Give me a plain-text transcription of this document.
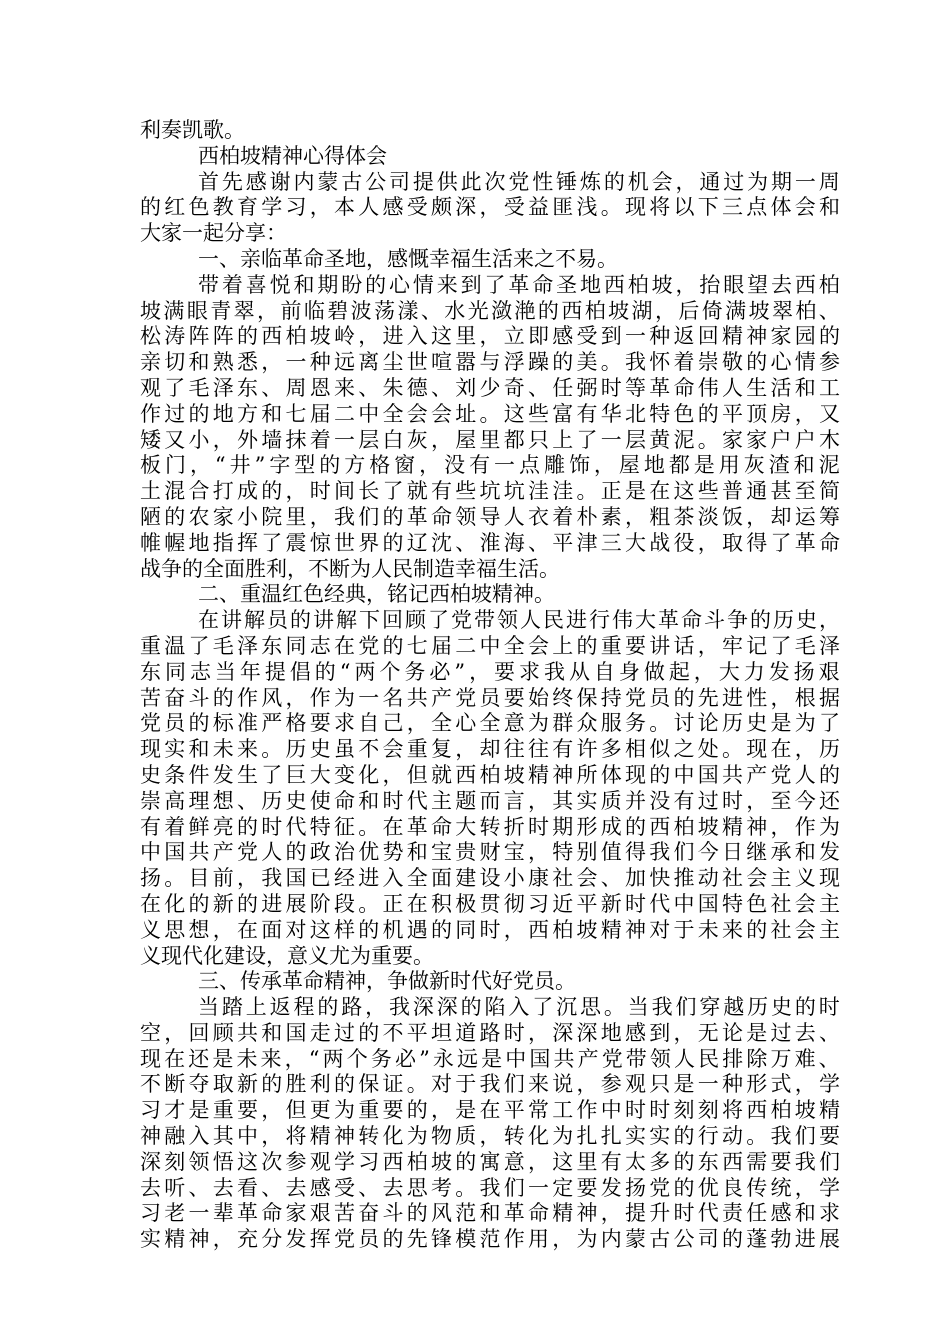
利奏凯歌。
西柏坡精神心得体会
首 先 感 谢 内 蒙 古 公 司 提 供 此 次 党 性 锤 炼 的 机 会 ， 通 过 为 期 一 周
的 红 色 教 育 学 习 ， 本 人 感 受 颇 深 ， 受 益 匪 浅 。 现 将 以 下 三 点 体 会 和
大家一起分享：
一、亲临革命圣地，感慨幸福生活来之不易。
带 着 喜 悦 和 期 盼 的 心 情 来 到 了 革 命 圣 地 西 柏 坡 ， 抬 眼 望 去 西 柏
坡 满 眼 青 翠 ， 前 临 碧 波 荡 漾 、 水 光 潋 滟 的 西 柏 坡 湖 ， 后 倚 满 坡 翠 柏 、
松 涛 阵 阵 的 西 柏 坡 岭 ， 进 入 这 里 ， 立 即 感 受 到 一 种 返 回 精 神 家 园 的
亲 切 和 熟 悉 ， 一 种 远 离 尘 世 喧 嚣 与 浮 躁 的 美 。 我 怀 着 崇 敬 的 心 情 参
观 了 毛 泽 东 、 周 恩 来 、 朱 德 、 刘 少 奇 、 任 弼 时 等 革 命 伟 人 生 活 和 工
作 过 的 地 方 和 七 届 二 中 全 会 会 址 。 这 些 富 有 华 北 特 色 的 平 顶 房 ， 又
矮 又 小 ， 外 墙 抹 着 一 层 白 灰 ， 屋 里 都 只 上 了 一 层 黄 泥 。 家 家 户 户 木
板 门 ， “ 井 ” 字 型 的 方 格 窗 ， 没 有 一 点 雕 饰 ， 屋 地 都 是 用 灰 渣 和 泥
土 混 合 打 成 的 ， 时 间 长 了 就 有 些 坑 坑 洼 洼 。 正 是 在 这 些 普 通 甚 至 简
陋 的 农 家 小 院 里 ， 我 们 的 革 命 领 导 人 衣 着 朴 素 ， 粗 茶 淡 饭 ， 却 运 筹
帷 幄 地 指 挥 了 震 惊 世 界 的 辽 沈 、 淮 海 、 平 津 三 大 战 役 ， 取 得 了 革 命
战争的全面胜利，不断为人民制造幸福生活。
二、重温红色经典，铭记西柏坡精神。
在 讲 解 员 的 讲 解 下 回 顾 了 党 带 领 人 民 进 行 伟 大 革 命 斗 争 的 历 史 ，
重 温 了 毛 泽 东 同 志 在 党 的 七 届 二 中 全 会 上 的 重 要 讲 话 ， 牢 记 了 毛 泽
东 同 志 当 年 提 倡 的 “ 两 个 务 必 ” ， 要 求 我 从 自 身 做 起 ， 大 力 发 扬 艰
苦 奋 斗 的 作 风 ， 作 为 一 名 共 产 党 员 要 始 终 保 持 党 员 的 先 进 性 ， 根 据
党 员 的 标 准 严 格 要 求 自 己 ， 全 心 全 意 为 群 众 服 务 。 讨 论 历 史 是 为 了
现 实 和 未 来 。 历 史 虽 不 会 重 复 ， 却 往 往 有 许 多 相 似 之 处 。 现 在 ， 历
史 条 件 发 生 了 巨 大 变 化 ， 但 就 西 柏 坡 精 神 所 体 现 的 中 国 共 产 党 人 的
崇 高 理 想 、 历 史 使 命 和 时 代 主 题 而 言 ， 其 实 质 并 没 有 过 时 ， 至 今 还
有 着 鲜 亮 的 时 代 特 征 。 在 革 命 大 转 折 时 期 形 成 的 西 柏 坡 精 神 ， 作 为
中 国 共 产 党 人 的 政 治 优 势 和 宝 贵 财 宝 ， 特 别 值 得 我 们 今 日 继 承 和 发
扬 。 目 前 ， 我 国 已 经 进 入 全 面 建 设 小 康 社 会 、 加 快 推 动 社 会 主 义 现
在 化 的 新 的 进 展 阶 段 。 正 在 积 极 贯 彻 习 近 平 新 时 代 中 国 特 色 社 会 主
义 思 想 ， 在 面 对 这 样 的 机 遇 的 同 时 ， 西 柏 坡 精 神 对 于 未 来 的 社 会 主
义现代化建设，意义尤为重要。
三、传承革命精神，争做新时代好党员。
当 踏 上 返 程 的 路 ， 我 深 深 的 陷 入 了 沉 思 。 当 我 们 穿 越 历 史 的 时
空 ， 回 顾 共 和 国 走 过 的 不 平 坦 道 路 时 ， 深 深 地 感 到 ， 无 论 是 过 去 、
现 在 还 是 未 来 ， “ 两 个 务 必 ” 永 远 是 中 国 共 产 党 带 领 人 民 排 除 万 难 、
不 断 夺 取 新 的 胜 利 的 保 证 。 对 于 我 们 来 说 ， 参 观 只 是 一 种 形 式 ， 学
习 才 是 重 要 ， 但 更 为 重 要 的 ， 是 在 平 常 工 作 中 时 时 刻 刻 将 西 柏 坡 精
神 融 入 其 中 ， 将 精 神 转 化 为 物 质 ， 转 化 为 扎 扎 实 实 的 行 动 。 我 们 要
深 刻 领 悟 这 次 参 观 学 习 西 柏 坡 的 寓 意 ， 这 里 有 太 多 的 东 西 需 要 我 们
去 听 、 去 看 、 去 感 受 、 去 思 考 。 我 们 一 定 要 发 扬 党 的 优 良 传 统 ， 学
习 老 一 辈 革 命 家 艰 苦 奋 斗 的 风 范 和 革 命 精 神 ， 提 升 时 代 责 任 感 和 求
实 精 神 ， 充 分 发 挥 党 员 的 先 锋 模 范 作 用 ， 为 内 蒙 古 公 司 的 蓬 勃 进 展
